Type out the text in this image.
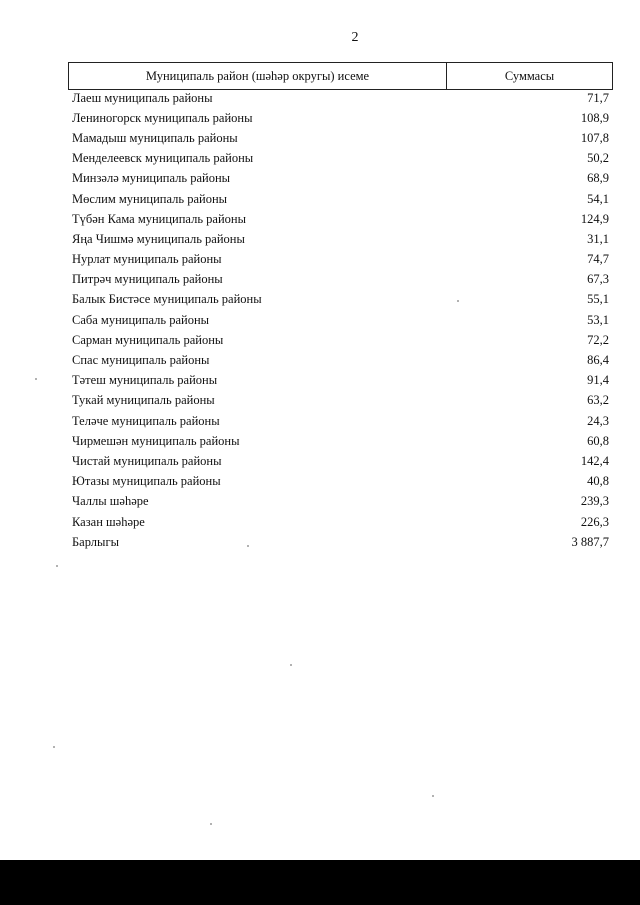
2
Муниципаль район (шәһәр округы) исеме	Суммасы
Лаеш муниципаль районы	71,7
Лениногорск муниципаль районы	108,9
Мамадыш муниципаль районы	107,8
Менделеевск муниципаль районы	50,2
Минзәлә муниципаль районы	68,9
Мөслим муниципаль районы	54,1
Түбән Кама муниципаль районы	124,9
Яңа Чишмә муниципаль районы	31,1
Нурлат муниципаль районы	74,7
Питрәч муниципаль районы	67,3
Балык Бистәсе муниципаль районы	55,1
Саба муниципаль районы	53,1
Сарман муниципаль районы	72,2
Спас муниципаль районы	86,4
Тәтеш муниципаль районы	91,4
Тукай муниципаль районы	63,2
Теләче муниципаль районы	24,3
Чирмешән муниципаль районы	60,8
Чистай муниципаль районы	142,4
Ютазы муниципаль районы	40,8
Чаллы шәһәре	239,3
Казан шәһәре	226,3
Барлыгы	3 887,7
